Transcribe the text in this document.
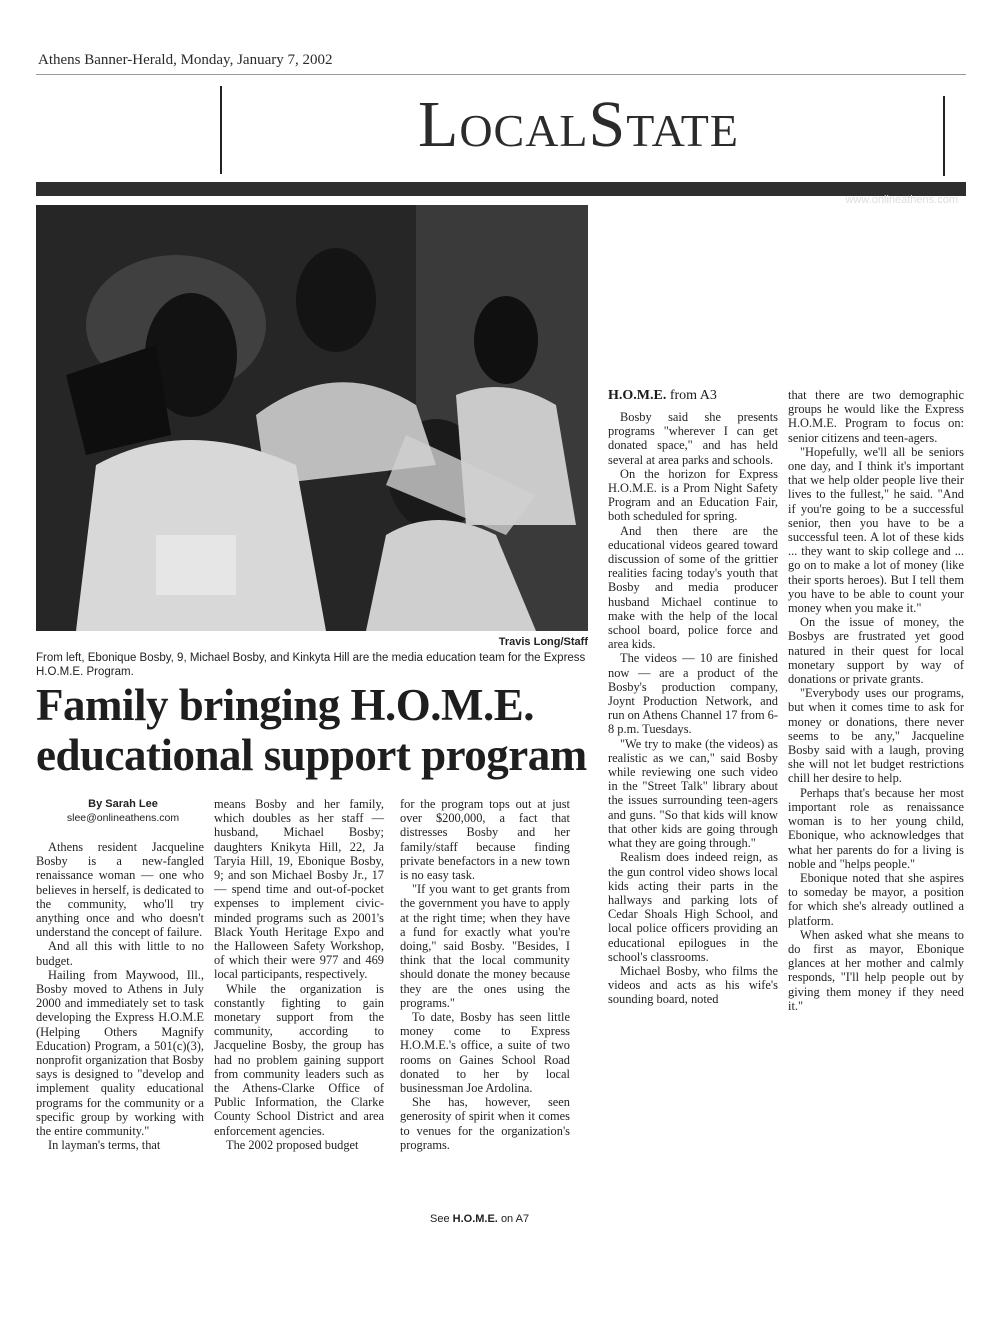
Athens Banner-Herald, Monday, January 7, 2002
LocalState
www.onlineathens.com
Travis Long/Staff
From left, Ebonique Bosby, 9, Michael Bosby, and Kinkyta Hill are the media education team for the Express H.O.M.E. Program.
Family bringing H.O.M.E. educational support program
By Sarah Lee
slee@onlineathens.com

Athens resident Jacqueline Bosby is a new-fangled renaissance woman — one who believes in herself, is dedicated to the community, who'll try anything once and who doesn't understand the concept of failure.

And all this with little to no budget.

Hailing from Maywood, Ill., Bosby moved to Athens in July 2000 and immediately set to task developing the Express H.O.M.E (Helping Others Magnify Education) Program, a 501(c)(3), nonprofit organization that Bosby says is designed to "develop and implement quality educational programs for the community or a specific group by working with the entire community."

In layman's terms, that

means Bosby and her family, which doubles as her staff — husband, Michael Bosby; daughters Knikyta Hill, 22, Ja Taryia Hill, 19, Ebonique Bosby, 9; and son Michael Bosby Jr., 17 — spend time and out-of-pocket expenses to implement civic-minded programs such as 2001's Black Youth Heritage Expo and the Halloween Safety Workshop, of which their were 977 and 469 local participants, respectively.

While the organization is constantly fighting to gain monetary support from the community, according to Jacqueline Bosby, the group has had no problem gaining support from community leaders such as the Athens-Clarke Office of Public Information, the Clarke County School District and area enforcement agencies.

The 2002 proposed budget

for the program tops out at just over $200,000, a fact that distresses Bosby and her family/staff because finding private benefactors in a new town is no easy task.

"If you want to get grants from the government you have to apply at the right time; when they have a fund for exactly what you're doing," said Bosby. "Besides, I think that the local community should donate the money because they are the ones using the programs."

To date, Bosby has seen little money come to Express H.O.M.E.'s office, a suite of two rooms on Gaines School Road donated to her by local businessman Joe Ardolina.

She has, however, seen generosity of spirit when it comes to venues for the organization's programs.

See H.O.M.E. on A7
H.O.M.E. from A3

Bosby said she presents programs "wherever I can get donated space," and has held several at area parks and schools.

On the horizon for Express H.O.M.E. is a Prom Night Safety Program and an Education Fair, both scheduled for spring.

And then there are the educational videos geared toward discussion of some of the grittier realities facing today's youth that Bosby and media producer husband Michael continue to make with the help of the local school board, police force and area kids.

The videos — 10 are finished now — are a product of the Bosby's production company, Joynt Production Network, and run on Athens Channel 17 from 6-8 p.m. Tuesdays.

"We try to make (the videos) as realistic as we can," said Bosby while reviewing one such video in the "Street Talk" library about the issues surrounding teen-agers and guns. "So that kids will know that other kids are going through what they are going through."

Realism does indeed reign, as the gun control video shows local kids acting their parts in the hallways and parking lots of Cedar Shoals High School, and local police officers providing an educational epilogues in the school's classrooms.

Michael Bosby, who films the videos and acts as his wife's sounding board, noted

that there are two demographic groups he would like the Express H.O.M.E. Program to focus on: senior citizens and teen-agers.

"Hopefully, we'll all be seniors one day, and I think it's important that we help older people live their lives to the fullest," he said. "And if you're going to be a successful senior, then you have to be a successful teen. A lot of these kids ... they want to skip college and ... go on to make a lot of money (like their sports heroes). But I tell them you have to be able to count your money when you make it."

On the issue of money, the Bosbys are frustrated yet good natured in their quest for local monetary support by way of donations or private grants.

"Everybody uses our programs, but when it comes time to ask for money or donations, there never seems to be any," Jacqueline Bosby said with a laugh, proving she will not let budget restrictions chill her desire to help.

Perhaps that's because her most important role as renaissance woman is to her young child, Ebonique, who acknowledges that what her parents do for a living is noble and "helps people."

Ebonique noted that she aspires to someday be mayor, a position for which she's already outlined a platform.

When asked what she means to do first as mayor, Ebonique glances at her mother and calmly responds, "I'll help people out by giving them money if they need it."
